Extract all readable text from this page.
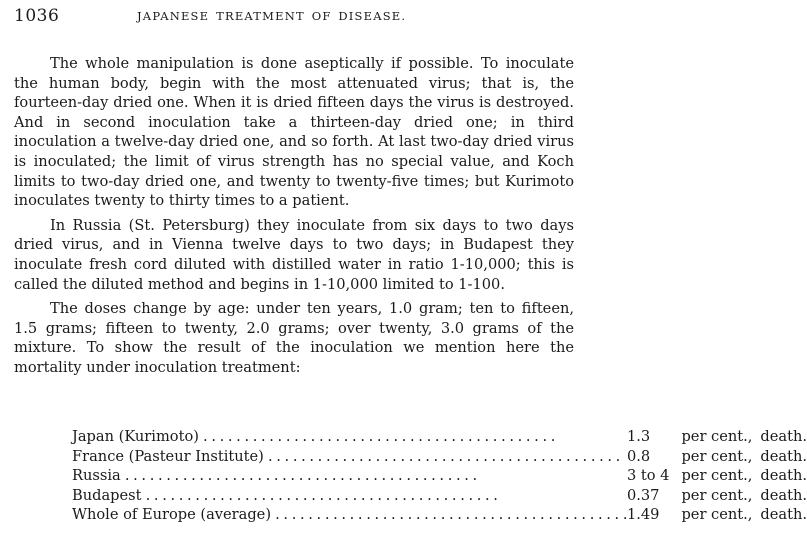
1036	JAPANESE TREATMENT OF DISEASE.

The whole manipulation is done aseptically if possible. To inoculate the human body, begin with the most attenuated virus; that is, the fourteen-day dried one. When it is dried fifteen days the virus is destroyed. And in second inoculation take a thirteen-day dried one; in third inoculation a twelve-day dried one, and so forth. At last two-day dried virus is inoculated; the limit of virus strength has no special value, and Koch limits to two-day dried one, and twenty to twenty-five times; but Kurimoto inoculates twenty to thirty times to a patient.

In Russia (St. Petersburg) they inoculate from six days to two days dried virus, and in Vienna twelve days to two days; in Budapest they inoculate fresh cord diluted with distilled water in ratio 1-10,000; this is called the diluted method and begins in 1-10,000 limited to 1-100.

The doses change by age: under ten years, 1.0 gram; ten to fifteen, 1.5 grams; fifteen to twenty, 2.0 grams; over twenty, 3.0 grams of the mixture. To show the result of the inoculation we mention here the mortality under inoculation treatment:

Japan (Kurimoto) . . .	1.3	per cent.,	death.

France (Pasteur Institute) . . .	0.8	per cent.,	death.

Russia . . .	3 to 4	per cent.,	death.

Budapest . . .	0.37	per cent.,	death.

Whole of Europe (average) . . .	1.49	per cent.,	death.
